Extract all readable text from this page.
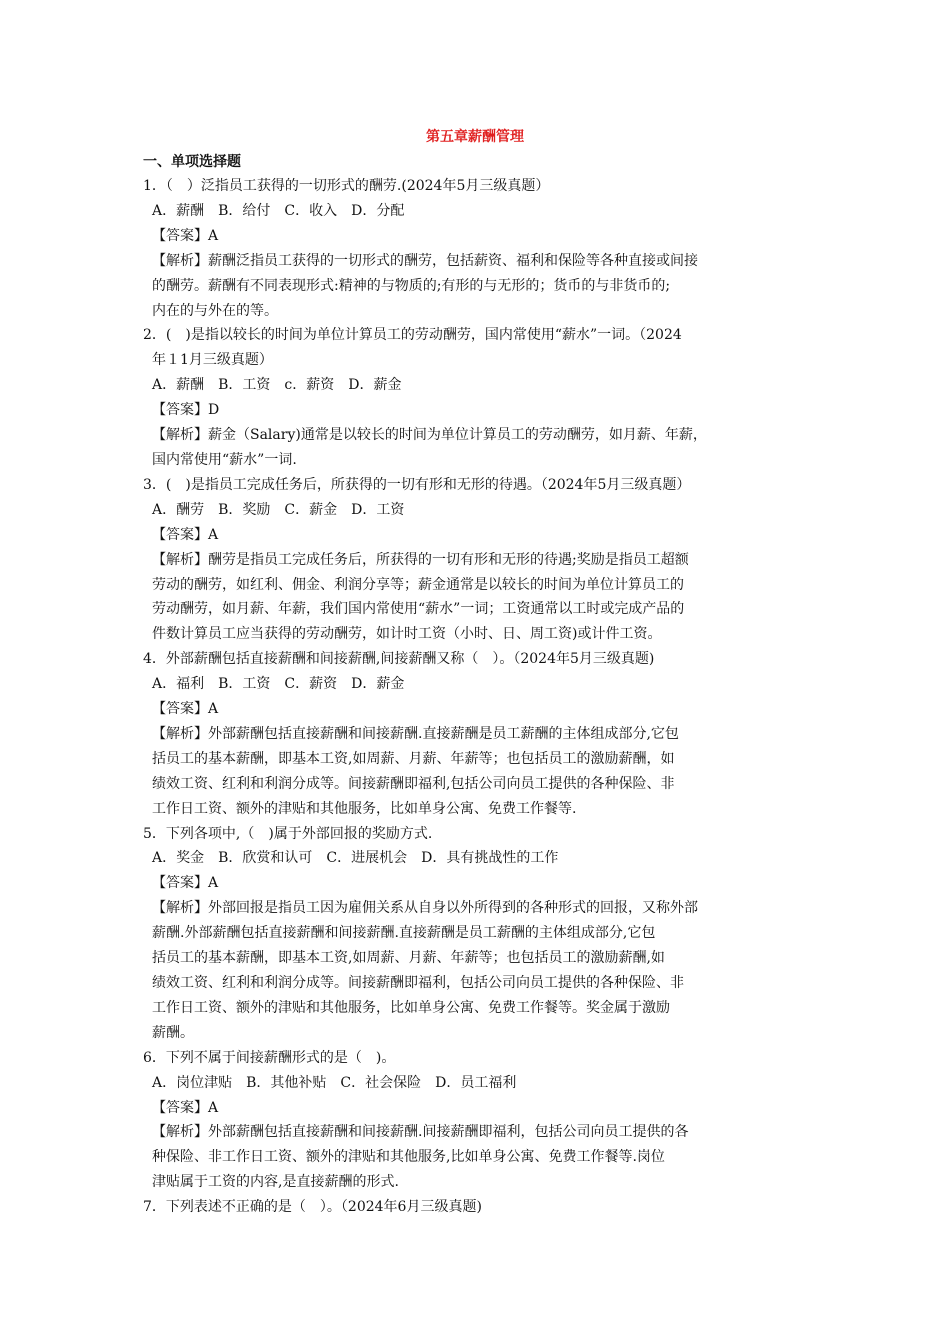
第五章薪酬管理
一、单项选择题
1．（　）泛指员工获得的一切形式的酬劳.(2024年5月三级真题）
A．薪酬　B．给付　C．收入　D．分配
【答案】A

【解析】薪酬泛指员工获得的一切形式的酬劳，包括薪资、福利和保险等各种直接或间接

的酬劳。薪酬有不同表现形式:精神的与物质的;有形的与无形的；货币的与非货币的;

内在的与外在的等。

2．(　)是指以较长的时间为单位计算员工的劳动酬劳，国内常使用“薪水”一词。（2024
年１1月三级真题）
A．薪酬　B．工资　c．薪资　D．薪金
【答案】D

【解析】薪金（Salary)通常是以较长的时间为单位计算员工的劳动酬劳，如月薪、年薪，

国内常使用“薪水”一词.

3．(　)是指员工完成任务后，所获得的一切有形和无形的待遇。（2024年5月三级真题）
A．酬劳　B．奖励　C．薪金　D．工资
【答案】A

【解析】酬劳是指员工完成任务后，所获得的一切有形和无形的待遇;奖励是指员工超额

劳动的酬劳，如红利、佣金、利润分享等；薪金通常是以较长的时间为单位计算员工的

劳动酬劳，如月薪、年薪，我们国内常使用“薪水”一词；工资通常以工时或完成产品的

件数计算员工应当获得的劳动酬劳，如计时工资（小时、日、周工资)或计件工资。

4．外部薪酬包括直接薪酬和间接薪酬,间接薪酬又称（　）。（2024年5月三级真题)
A．福利　B．工资　C．薪资　D．薪金
【答案】A

【解析】外部薪酬包括直接薪酬和间接薪酬.直接薪酬是员工薪酬的主体组成部分,它包

括员工的基本薪酬，即基本工资,如周薪、月薪、年薪等；也包括员工的激励薪酬，如

绩效工资、红利和利润分成等。间接薪酬即福利,包括公司向员工提供的各种保险、非

工作日工资、额外的津贴和其他服务，比如单身公寓、免费工作餐等.

5．下列各项中,（　)属于外部回报的奖励方式.
A．奖金　B．欣赏和认可　C．进展机会　D．具有挑战性的工作
【答案】A

【解析】外部回报是指员工因为雇佣关系从自身以外所得到的各种形式的回报，又称外部

薪酬.外部薪酬包括直接薪酬和间接薪酬.直接薪酬是员工薪酬的主体组成部分,它包

括员工的基本薪酬，即基本工资,如周薪、月薪、年薪等；也包括员工的激励薪酬,如

绩效工资、红利和利润分成等。间接薪酬即福利，包括公司向员工提供的各种保险、非

工作日工资、额外的津贴和其他服务，比如单身公寓、免费工作餐等。奖金属于激励

薪酬。

6．下列不属于间接薪酬形式的是（　)。
A．岗位津贴　B．其他补贴　C．社会保险　D．员工福利
【答案】A

【解析】外部薪酬包括直接薪酬和间接薪酬.间接薪酬即福利，包括公司向员工提供的各

种保险、非工作日工资、额外的津贴和其他服务,比如单身公寓、免费工作餐等.岗位

津贴属于工资的内容,是直接薪酬的形式.

7．下列表述不正确的是（　）。（2024年6月三级真题)
